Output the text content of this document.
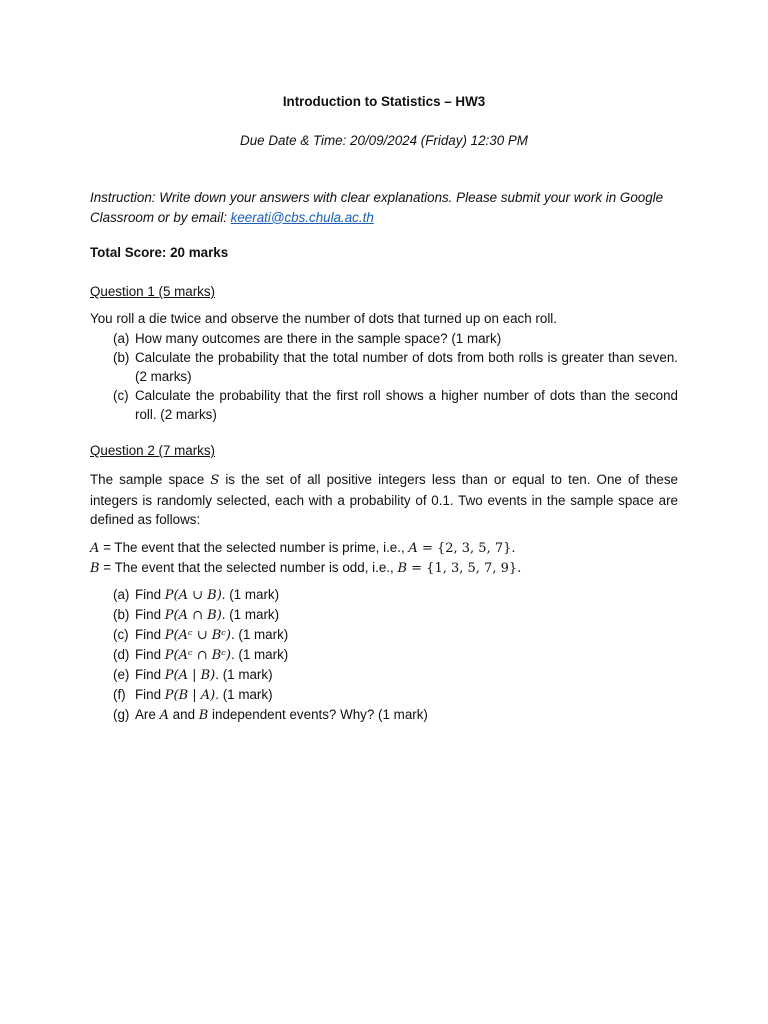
Introduction to Statistics – HW3
Due Date & Time: 20/09/2024 (Friday) 12:30 PM
Instruction: Write down your answers with clear explanations. Please submit your work in Google Classroom or by email: keerati@cbs.chula.ac.th
Total Score: 20 marks
Question 1 (5 marks)
You roll a die twice and observe the number of dots that turned up on each roll.
(a) How many outcomes are there in the sample space? (1 mark)
(b) Calculate the probability that the total number of dots from both rolls is greater than seven. (2 marks)
(c) Calculate the probability that the first roll shows a higher number of dots than the second roll. (2 marks)
Question 2 (7 marks)
The sample space S is the set of all positive integers less than or equal to ten. One of these integers is randomly selected, each with a probability of 0.1. Two events in the sample space are defined as follows:
A = The event that the selected number is prime, i.e., A = {2, 3, 5, 7}.
B = The event that the selected number is odd, i.e., B = {1, 3, 5, 7, 9}.
(a) Find P(A ∪ B). (1 mark)
(b) Find P(A ∩ B). (1 mark)
(c) Find P(Aᶜ ∪ Bᶜ). (1 mark)
(d) Find P(Aᶜ ∩ Bᶜ). (1 mark)
(e) Find P(A | B). (1 mark)
(f) Find P(B | A). (1 mark)
(g) Are A and B independent events? Why? (1 mark)
